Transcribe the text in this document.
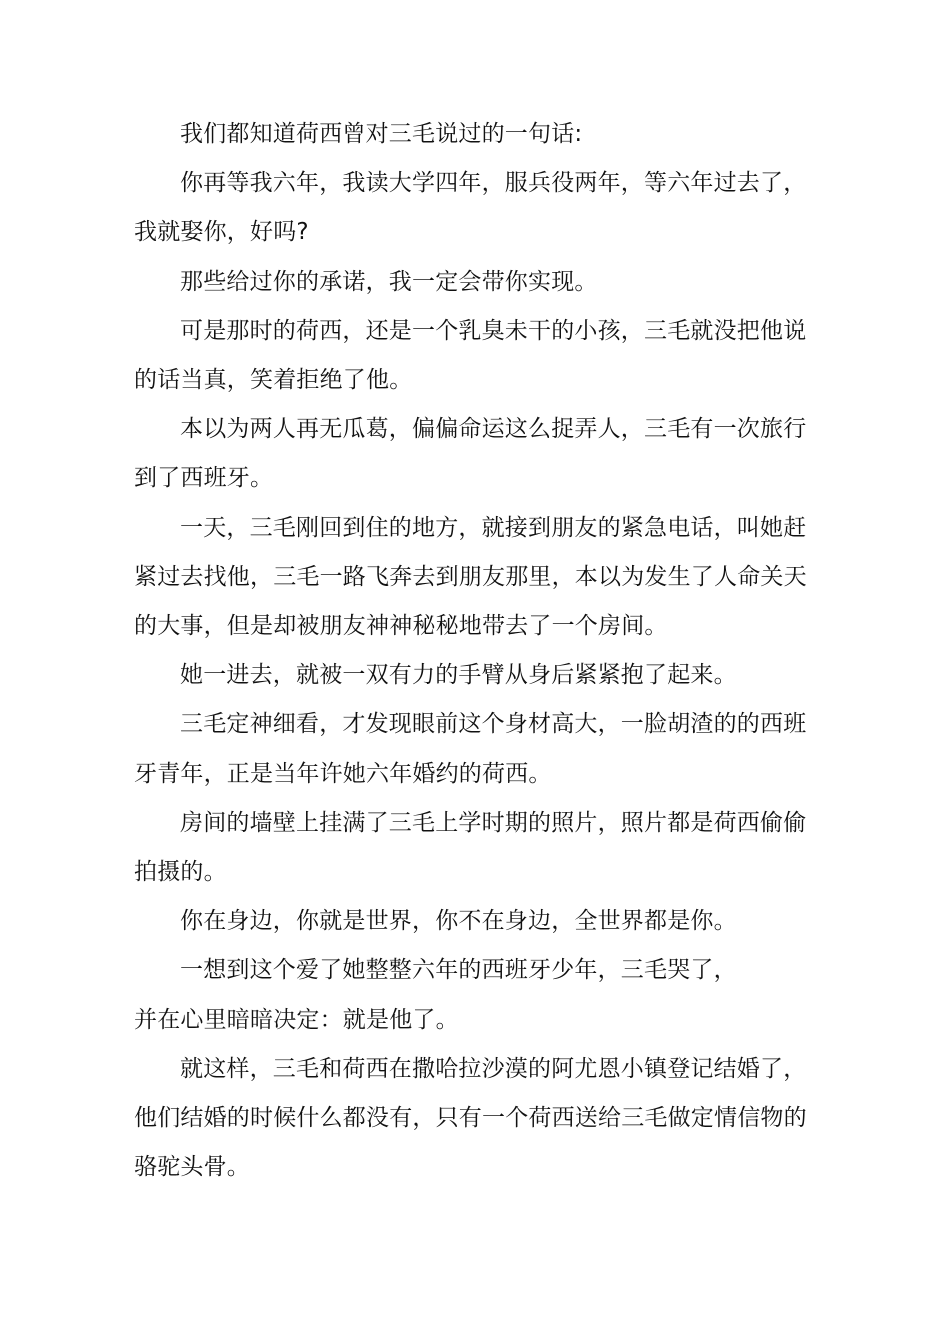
我们都知道荷西曾对三毛说过的一句话:

你再等我六年，我读大学四年，服兵役两年，等六年过去了，我就娶你，好吗?

那些给过你的承诺，我一定会带你实现。

可是那时的荷西，还是一个乳臭未干的小孩，三毛就没把他说的话当真，笑着拒绝了他。

本以为两人再无瓜葛，偏偏命运这么捉弄人，三毛有一次旅行到了西班牙。

一天，三毛刚回到住的地方，就接到朋友的紧急电话，叫她赶紧过去找他，三毛一路飞奔去到朋友那里，本以为发生了人命关天的大事，但是却被朋友神神秘秘地带去了一个房间。

她一进去，就被一双有力的手臂从身后紧紧抱了起来。

三毛定神细看，才发现眼前这个身材高大，一脸胡渣的的西班牙青年，正是当年许她六年婚约的荷西。

房间的墙壁上挂满了三毛上学时期的照片，照片都是荷西偷偷拍摄的。

你在身边，你就是世界，你不在身边，全世界都是你。

一想到这个爱了她整整六年的西班牙少年，三毛哭了，

并在心里暗暗决定：就是他了。

就这样，三毛和荷西在撒哈拉沙漠的阿尤恩小镇登记结婚了，他们结婚的时候什么都没有，只有一个荷西送给三毛做定情信物的骆驼头骨。
